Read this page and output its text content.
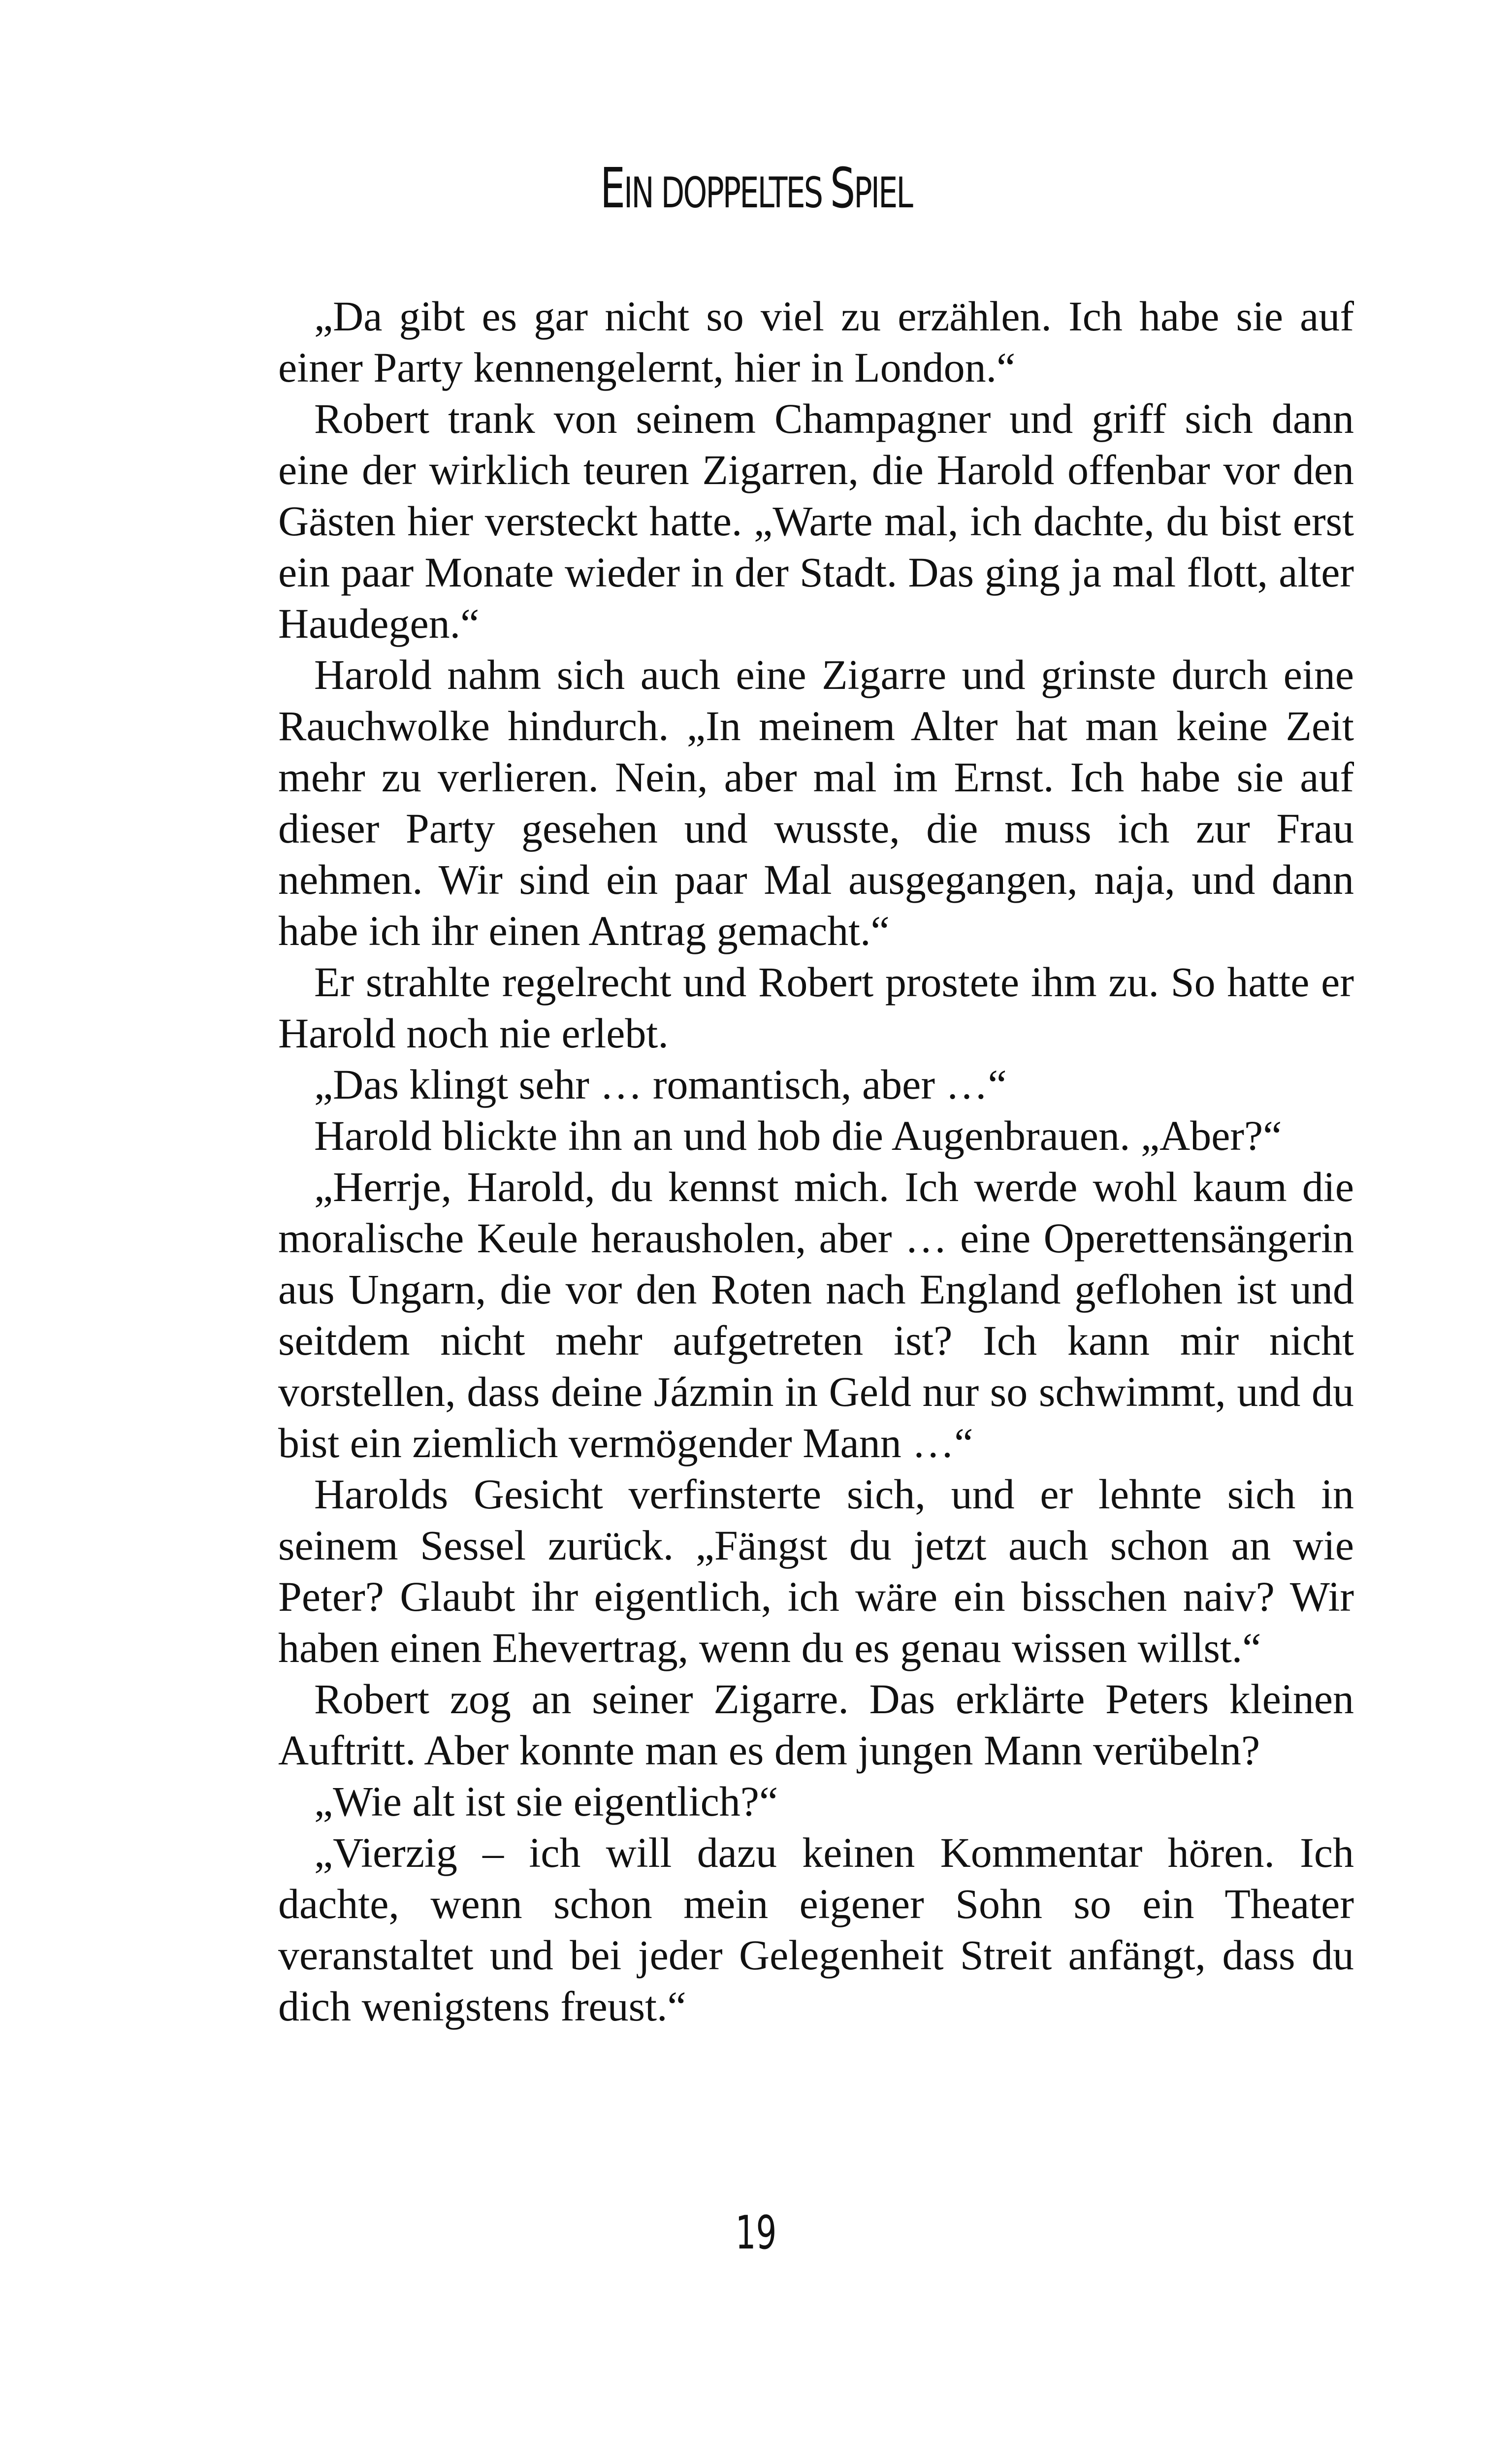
EIN DOPPELTES SPIEL

„Da gibt es gar nicht so viel zu erzählen. Ich habe sie auf einer Party kennengelernt, hier in London.“

Robert trank von seinem Champagner und griff sich dann eine der wirklich teuren Zigarren, die Harold offenbar vor den Gästen hier versteckt hatte. „Warte mal, ich dachte, du bist erst ein paar Monate wieder in der Stadt. Das ging ja mal flott, alter Haudegen.“

Harold nahm sich auch eine Zigarre und grinste durch eine Rauchwolke hindurch. „In meinem Alter hat man keine Zeit mehr zu verlieren. Nein, aber mal im Ernst. Ich habe sie auf dieser Party gesehen und wusste, die muss ich zur Frau nehmen. Wir sind ein paar Mal ausgegangen, naja, und dann habe ich ihr einen Antrag gemacht.“

Er strahlte regelrecht und Robert prostete ihm zu. So hatte er Harold noch nie erlebt.

„Das klingt sehr … romantisch, aber …“

Harold blickte ihn an und hob die Augenbrauen. „Aber?“

„Herrje, Harold, du kennst mich. Ich werde wohl kaum die moralische Keule herausholen, aber … eine Operettensängerin aus Ungarn, die vor den Roten nach England geflohen ist und seitdem nicht mehr aufgetreten ist? Ich kann mir nicht vorstellen, dass deine Jázmin in Geld nur so schwimmt, und du bist ein ziemlich vermögender Mann …“

Harolds Gesicht verfinsterte sich, und er lehnte sich in seinem Sessel zurück. „Fängst du jetzt auch schon an wie Peter? Glaubt ihr eigentlich, ich wäre ein bisschen naiv? Wir haben einen Ehevertrag, wenn du es genau wissen willst.“

Robert zog an seiner Zigarre. Das erklärte Peters kleinen Auftritt. Aber konnte man es dem jungen Mann verübeln?

„Wie alt ist sie eigentlich?“

„Vierzig – ich will dazu keinen Kommentar hören. Ich dachte, wenn schon mein eigener Sohn so ein Theater veranstaltet und bei jeder Gelegenheit Streit anfängt, dass du dich wenigstens freust.“

19
